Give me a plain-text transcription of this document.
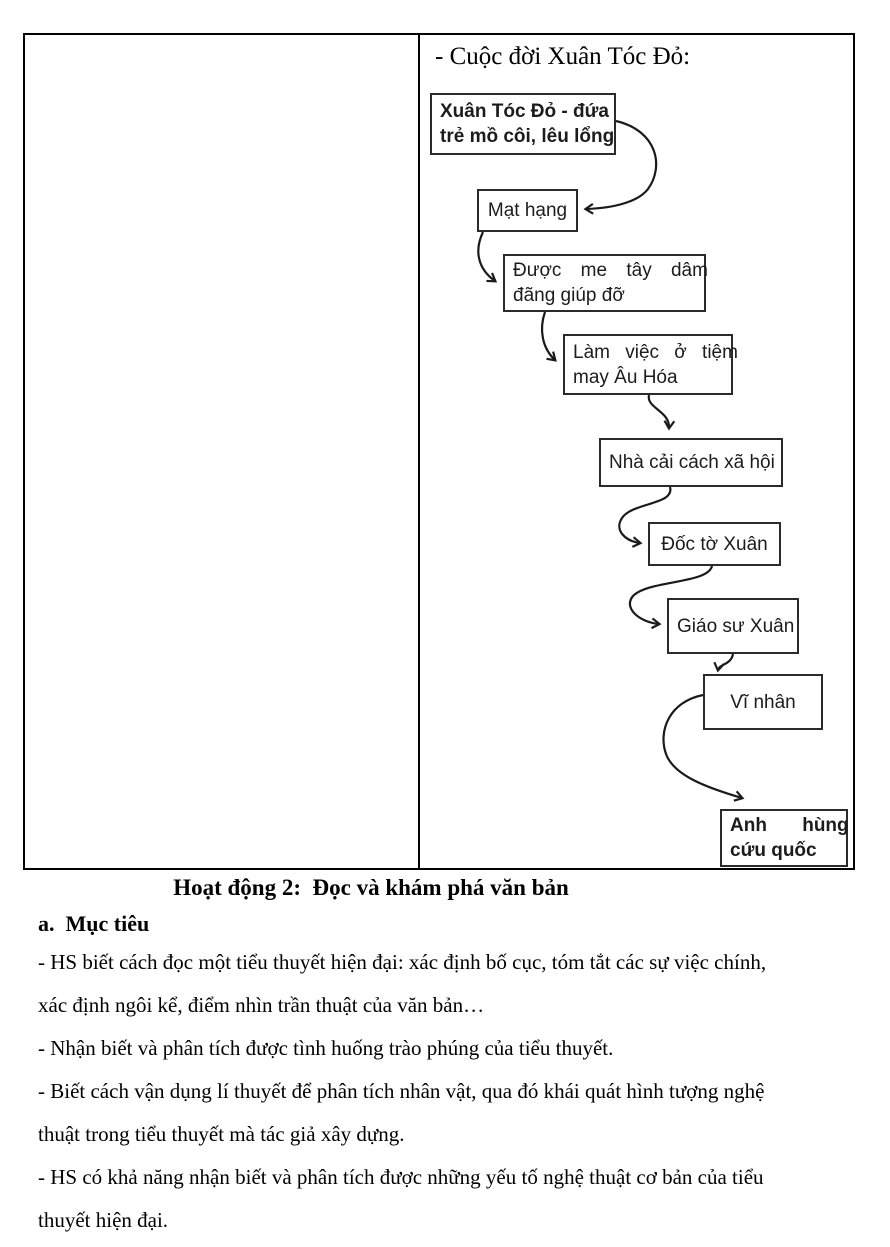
- Cuộc đời Xuân Tóc Đỏ:
Xuân Tóc Đỏ - đứa
trẻ mồ côi, lêu lổng
Mạt hạng
Được me tây dâm
đãng giúp đỡ
Làm việc ở tiệm
may Âu Hóa
Nhà cải cách xã hội
Đốc tờ Xuân
Giáo sư Xuân
Vĩ nhân
Anh hùng
cứu quốc
Hoạt động 2:  Đọc và khám phá văn bản
a.  Mục tiêu

- HS biết cách đọc một tiểu thuyết hiện đại: xác định bố cục, tóm tắt các sự việc chính,
xác định ngôi kể, điểm nhìn trần thuật của văn bản…

- Nhận biết và phân tích được tình huống trào phúng của tiểu thuyết.

- Biết cách vận dụng lí thuyết để phân tích nhân vật, qua đó khái quát hình tượng nghệ
thuật trong tiểu thuyết mà tác giả xây dựng.

- HS có khả năng nhận biết và phân tích được những yếu tố nghệ thuật cơ bản của tiểu
thuyết hiện đại.
